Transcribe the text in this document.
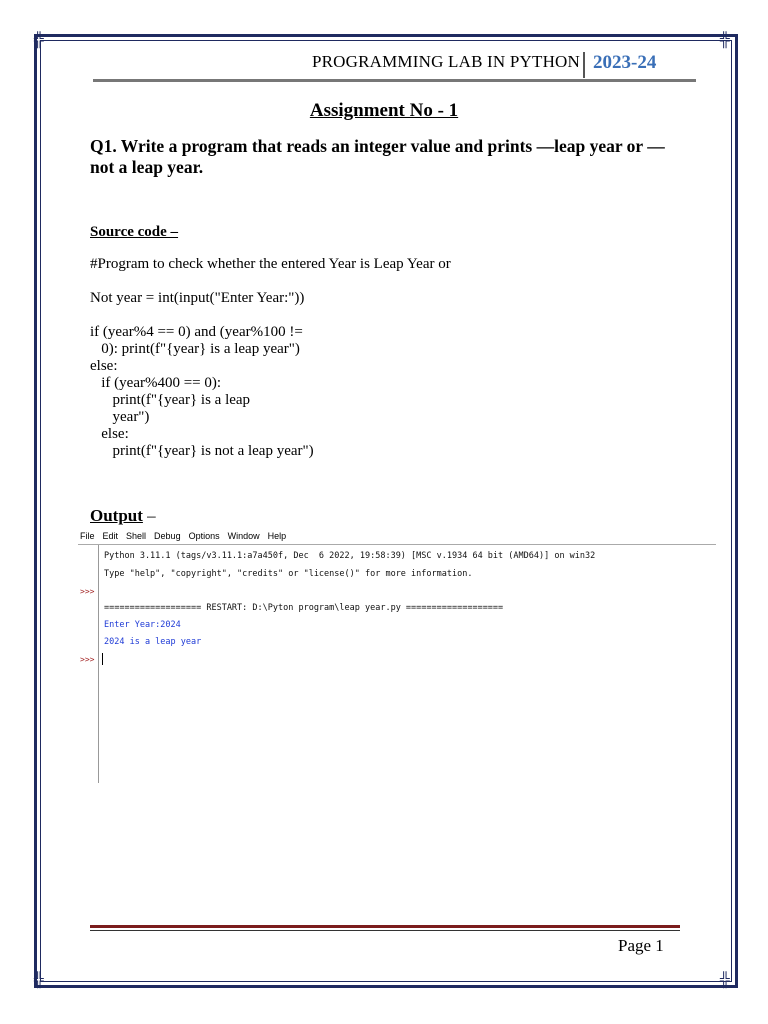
╬	╬
╬	╬
PROGRAMMING LAB IN PYTHON 2023-24
Assignment No - 1
Q1. Write a program that reads an integer value and prints —leap year or — not a leap year.
Source code –
#Program to check whether the entered Year is Leap Year or
Not year = int(input("Enter Year:"))
if (year%4 == 0) and (year%100 !=
0): print(f"{year} is a leap year")
else:
if (year%400 == 0):
print(f"{year} is a leap
year")
else:
print(f"{year} is not a leap year")
Output –
File Edit Shell Debug Options Window Help
>>>
>>>
Python 3.11.1 (tags/v3.11.1:a7a450f, Dec  6 2022, 19:58:39) [MSC v.1934 64 bit (AMD64)] on win32
Type "help", "copyright", "credits" or "license()" for more information.
=================== RESTART: D:\Pyton program\leap year.py ===================
Enter Year:2024
2024 is a leap year
Page 1
